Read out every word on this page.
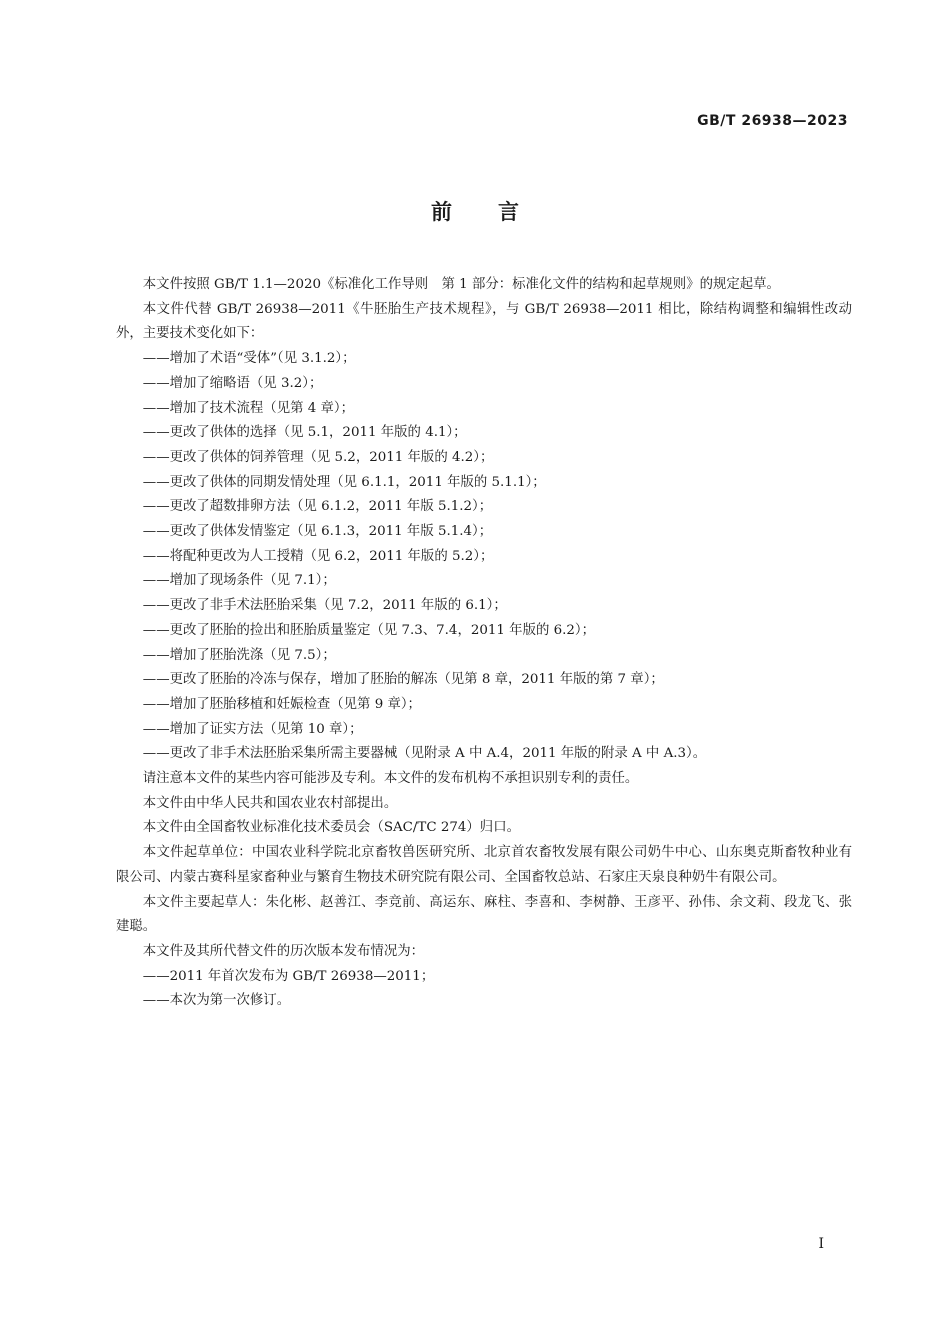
GB/T 26938—2023
前言

本文件按照 GB/T 1.1—2020《标准化工作导则　第 1 部分：标准化文件的结构和起草规则》的规定起草。

本文件代替 GB/T 26938—2011《牛胚胎生产技术规程》，与 GB/T 26938—2011 相比，除结构调整和编辑性改动外，主要技术变化如下：

——增加了术语“受体”（见 3.1.2）；

——增加了缩略语（见 3.2）；

——增加了技术流程（见第 4 章）；

——更改了供体的选择（见 5.1，2011 年版的 4.1）；

——更改了供体的饲养管理（见 5.2，2011 年版的 4.2）；

——更改了供体的同期发情处理（见 6.1.1，2011 年版的 5.1.1）；

——更改了超数排卵方法（见 6.1.2，2011 年版 5.1.2）；

——更改了供体发情鉴定（见 6.1.3，2011 年版 5.1.4）；

——将配种更改为人工授精（见 6.2，2011 年版的 5.2）；

——增加了现场条件（见 7.1）；

——更改了非手术法胚胎采集（见 7.2，2011 年版的 6.1）；

——更改了胚胎的捡出和胚胎质量鉴定（见 7.3、7.4，2011 年版的 6.2）；

——增加了胚胎洗涤（见 7.5）；

——更改了胚胎的冷冻与保存，增加了胚胎的解冻（见第 8 章，2011 年版的第 7 章）；

——增加了胚胎移植和妊娠检查（见第 9 章）；

——增加了证实方法（见第 10 章）；

——更改了非手术法胚胎采集所需主要器械（见附录 A 中 A.4，2011 年版的附录 A 中 A.3）。

请注意本文件的某些内容可能涉及专利。本文件的发布机构不承担识别专利的责任。

本文件由中华人民共和国农业农村部提出。

本文件由全国畜牧业标准化技术委员会（SAC/TC 274）归口。

本文件起草单位：中国农业科学院北京畜牧兽医研究所、北京首农畜牧发展有限公司奶牛中心、山东奥克斯畜牧种业有限公司、内蒙古赛科星家畜种业与繁育生物技术研究院有限公司、全国畜牧总站、石家庄天泉良种奶牛有限公司。

本文件主要起草人：朱化彬、赵善江、李竞前、高运东、麻柱、李喜和、李树静、王彦平、孙伟、余文莉、段龙飞、张建聪。

本文件及其所代替文件的历次版本发布情况为：

——2011 年首次发布为 GB/T 26938—2011；

——本次为第一次修订。

Ⅰ
